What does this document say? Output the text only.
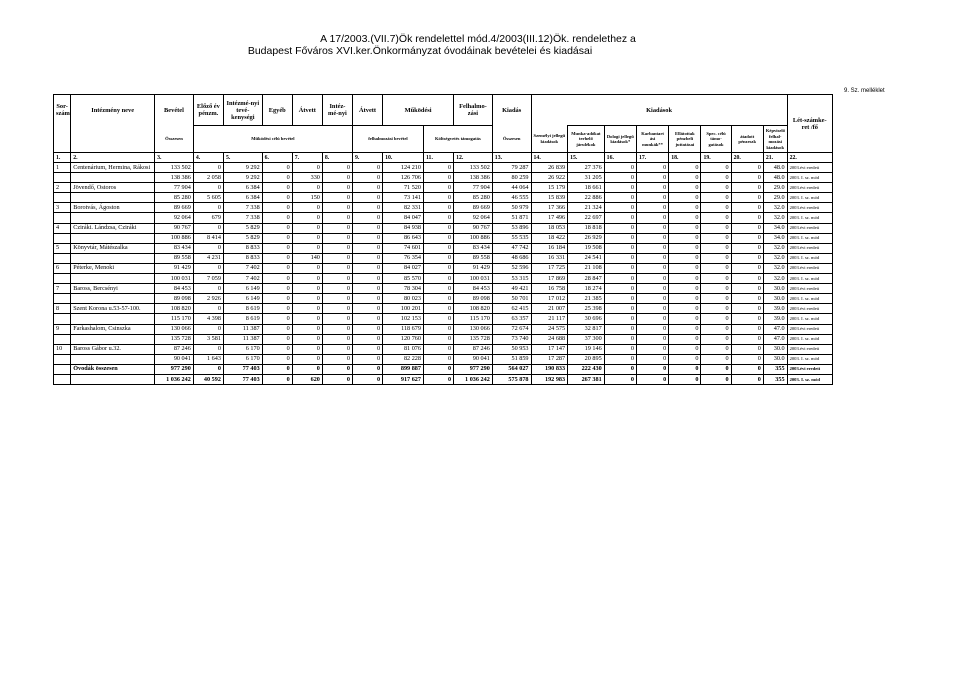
A 17/2003.(VII.7)Ök rendelettel mód.4/2003(III.12)Ök. rendelethez a
Budapest Főváros XVI.ker.Önkormányzat óvodáinak bevételei és kiadásai
9. Sz. melléklet
Sor-szám	Intézmény neve	Bevétel	Előző év pénzm.	Intézmé-nyi tevé-kenységi	Egyéb	Átvett	Intéz-mé-nyi	Átvett	Működési		Felhalmo-zási	Kiadás	Kiadások								Lét-számke-ret /fő
		Összesen	Működési célú bevétel					felhalmozási bevétel		Költségvetés támogatás		Összesen	Személyi jellegű kiadások	Munka-adókat terhelő járulékok	Dologi jellegű kiadások*	Karbantart ási munkák**	Ellátottak pénzbeli juttatásai	Spec. célú támo-gatások	átadott pénzeszk	Képviselő felhal-mozási kiadások	
1.	2.	3.	4.	5.	6.	7.	8.	9.	10.	11.	12.	13.	14.	15.	16.	17.	18.	19.	20.	21.	22.
1	Centenárium, Hermina, Rákosi	133 502	0	9 292	0	0	0	0	124 210	0	133 502	79 287	26 839	27 376	0	0	0	0	0	48.0	2003.évi eredeti
		138 386	2 058	9 292	0	330	0	0	126 706	0	138 386	80 259	26 922	31 205	0	0	0	0	0	48.0	2003. I. sz. mód
2	Jövendő, Ostoros	77 904	0	6 384	0	0	0	0	71 520	0	77 904	44 064	15 179	18 661	0	0	0	0	0	29.0	2003.évi eredeti
		85 280	5 605	6 384	0	150	0	0	73 141	0	85 280	46 555	15 839	22 886	0	0	0	0	0	29.0	2003. I. sz. mód
3	Borotvás, Ágoston	89 669	0	7 338	0	0	0	0	82 331	0	89 669	50 979	17 366	21 324	0	0	0	0	0	32.0	2003.évi eredeti
		92 064	679	7 338	0	0	0	0	84 047	0	92 064	51 871	17 496	22 697	0	0	0	0	0	32.0	2003. I. sz. mód
4	Cziráki. Lándzsa, Cziráki	90 767	0	5 829	0	0	0	0	84 938	0	90 767	53 896	18 053	18 818	0	0	0	0	0	34.0	2003.évi eredeti
		100 886	8 414	5 829	0	0	0	0	86 643	0	100 886	55 535	18 422	26 929	0	0	0	0	0	34.0	2003. I. sz. mód
5	Könyvtár, Mátészalka	83 434	0	8 833	0	0	0	0	74 601	0	83 434	47 742	16 184	19 508	0	0	0	0	0	32.0	2003.évi eredeti
		89 558	4 231	8 833	0	140	0	0	76 354	0	89 558	48 686	16 331	24 541	0	0	0	0	0	32.0	2003. I. sz. mód
6	Péterke, Menoki	91 429	0	7 402	0	0	0	0	84 027	0	91 429	52 596	17 725	21 108	0	0	0	0	0	32.0	2003.évi eredeti
		100 031	7 059	7 402	0	0	0	0	85 570	0	100 031	53 315	17 869	28 847	0	0	0	0	0	32.0	2003. I. sz. mód
7	Baross, Bercsényi	84 453	0	6 149	0	0	0	0	78 304	0	84 453	49 421	16 758	18 274	0	0	0	0	0	30.0	2003.évi eredeti
		89 098	2 926	6 149	0	0	0	0	80 023	0	89 098	50 701	17 012	21 385	0	0	0	0	0	30.0	2003. I. sz. mód
8	Szent Korona u.53-57-100.	108 820	0	8 619	0	0	0	0	100 201	0	108 820	62 415	21 007	25 398	0	0	0	0	0	39.0	2003.évi eredeti
		115 170	4 398	8 619	0	0	0	0	102 153	0	115 170	63 357	21 117	30 696	0	0	0	0	0	39.0	2003. I. sz. mód
9	Farkashalom, Csinszka	130 066	0	11 387	0	0	0	0	118 679	0	130 066	72 674	24 575	32 817	0	0	0	0	0	47.0	2003.évi eredeti
		135 728	3 581	11 387	0	0	0	0	120 760	0	135 728	73 740	24 688	37 300	0	0	0	0	0	47.0	2003. I. sz. mód
10	Baross Gábor u.32.	87 246	0	6 170	0	0	0	0	81 076	0	87 246	50 953	17 147	19 146	0	0	0	0	0	30.0	2003.évi eredeti
		90 041	1 643	6 170	0	0	0	0	82 228	0	90 041	51 859	17 287	20 895	0	0	0	0	0	30.0	2003. I. sz. mód
	Óvodák összesen	977 290	0	77 403	0	0	0	0	899 887	0	977 290	564 027	190 833	222 430	0	0	0	0	0	355	2003.évi eredeti
		1 036 242	40 592	77 403	0	620	0	0	917 627	0	1 036 242	575 878	192 983	267 381	0	0	0	0	0	355	2003. I. sz. mód
